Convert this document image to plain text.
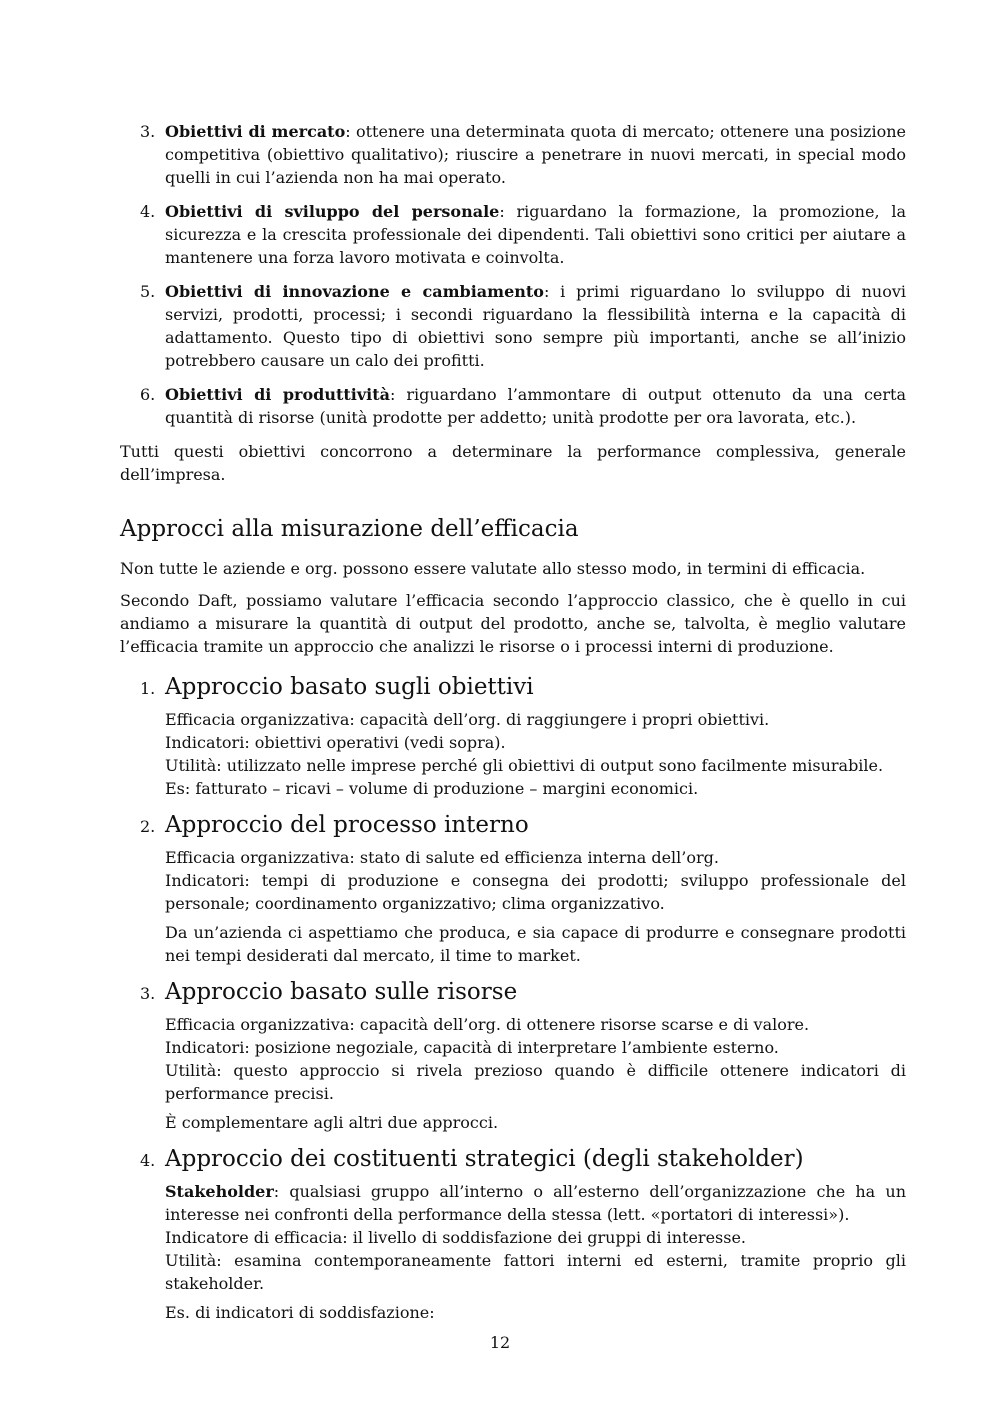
3. Obiettivi di mercato: ottenere una determinata quota di mercato; ottenere una posizione competitiva (obiettivo qualitativo); riuscire a penetrare in nuovi mercati, in special modo quelli in cui l’azienda non ha mai operato.
4. Obiettivi di sviluppo del personale: riguardano la formazione, la promozione, la sicurezza e la crescita professionale dei dipendenti. Tali obiettivi sono critici per aiutare a mantenere una forza lavoro motivata e coinvolta.
5. Obiettivi di innovazione e cambiamento: i primi riguardano lo sviluppo di nuovi servizi, prodotti, processi; i secondi riguardano la flessibilità interna e la capacità di adattamento. Questo tipo di obiettivi sono sempre più importanti, anche se all’inizio potrebbero causare un calo dei profitti.
6. Obiettivi di produttività: riguardano l’ammontare di output ottenuto da una certa quantità di risorse (unità prodotte per addetto; unità prodotte per ora lavorata, etc.).

Tutti questi obiettivi concorrono a determinare la performance complessiva, generale dell’impresa.

Approcci alla misurazione dell’efficacia

Non tutte le aziende e org. possono essere valutate allo stesso modo, in termini di efficacia.

Secondo Daft, possiamo valutare l’efficacia secondo l’approccio classico, che è quello in cui andiamo a misurare la quantità di output del prodotto, anche se, talvolta, è meglio valutare l’efficacia tramite un approccio che analizzi le risorse o i processi interni di produzione.

1. Approccio basato sugli obiettivi
Efficacia organizzativa: capacità dell’org. di raggiungere i propri obiettivi.
Indicatori: obiettivi operativi (vedi sopra).
Utilità: utilizzato nelle imprese perché gli obiettivi di output sono facilmente misurabile.
Es: fatturato – ricavi – volume di produzione – margini economici.
2. Approccio del processo interno
Efficacia organizzativa: stato di salute ed efficienza interna dell’org.
Indicatori: tempi di produzione e consegna dei prodotti; sviluppo professionale del personale; coordinamento organizzativo; clima organizzativo.
Da un’azienda ci aspettiamo che produca, e sia capace di produrre e consegnare prodotti nei tempi desiderati dal mercato, il time to market.
3. Approccio basato sulle risorse
Efficacia organizzativa: capacità dell’org. di ottenere risorse scarse e di valore.
Indicatori: posizione negoziale, capacità di interpretare l’ambiente esterno.
Utilità: questo approccio si rivela prezioso quando è difficile ottenere indicatori di performance precisi.
È complementare agli altri due approcci.
4. Approccio dei costituenti strategici (degli stakeholder)
Stakeholder: qualsiasi gruppo all’interno o all’esterno dell’organizzazione che ha un interesse nei confronti della performance della stessa (lett. «portatori di interessi»).
Indicatore di efficacia: il livello di soddisfazione dei gruppi di interesse.
Utilità: esamina contemporaneamente fattori interni ed esterni, tramite proprio gli stakeholder.
Es. di indicatori di soddisfazione:
12
